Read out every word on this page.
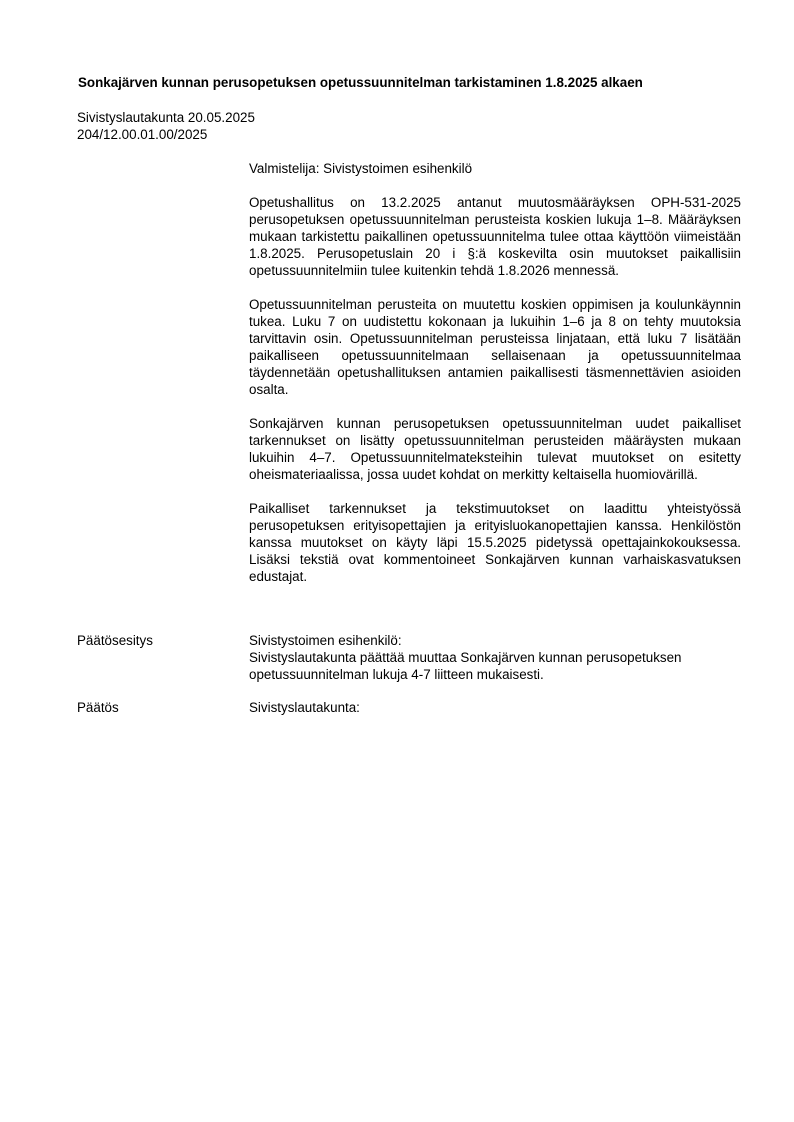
Sonkajärven kunnan perusopetuksen opetussuunnitelman tarkistaminen 1.8.2025 alkaen
Sivistyslautakunta 20.05.2025
204/12.00.01.00/2025
Valmistelija: Sivistystoimen esihenkilö

Opetushallitus on 13.2.2025 antanut muutosmääräyksen OPH-531-2025 perusopetuksen opetussuunnitelman perusteista koskien lukuja 1–8. Määräyksen mukaan tarkistettu paikallinen opetussuunnitelma tulee ottaa käyttöön viimeistään 1.8.2025. Perusopetuslain 20 i §:ä koskevilta osin muutokset paikallisiin opetussuunnitelmiin tulee kuitenkin tehdä 1.8.2026 mennessä.

Opetussuunnitelman perusteita on muutettu koskien oppimisen ja koulunkäynnin tukea. Luku 7 on uudistettu kokonaan ja lukuihin 1–6 ja 8 on tehty muutoksia tarvittavin osin. Opetussuunnitelman perusteissa linjataan, että luku 7 lisätään paikalliseen opetussuunnitelmaan sellaisenaan ja opetussuunnitelmaa täydennetään opetushallituksen antamien paikallisesti täsmennettävien asioiden osalta.

Sonkajärven kunnan perusopetuksen opetussuunnitelman uudet paikalliset tarkennukset on lisätty opetussuunnitelman perusteiden määräysten mukaan lukuihin 4–7. Opetussuunnitelmateksteihin tulevat muutokset on esitetty oheismateriaalissa, jossa uudet kohdat on merkitty keltaisella huomiovärillä.

Paikalliset tarkennukset ja tekstimuutokset on laadittu yhteistyössä perusopetuksen erityisopettajien ja erityisluokanopettajien kanssa. Henkilöstön kanssa muutokset on käyty läpi 15.5.2025 pidetyssä opettajainkokouksessa. Lisäksi tekstiä ovat kommentoineet Sonkajärven kunnan varhaiskasvatuksen edustajat.

Päätösesitys	Sivistystoimen esihenkilö:
Sivistyslautakunta päättää muuttaa Sonkajärven kunnan perusopetuksen
opetussuunnitelman lukuja 4-7 liitteen mukaisesti.
Päätös	Sivistyslautakunta:
